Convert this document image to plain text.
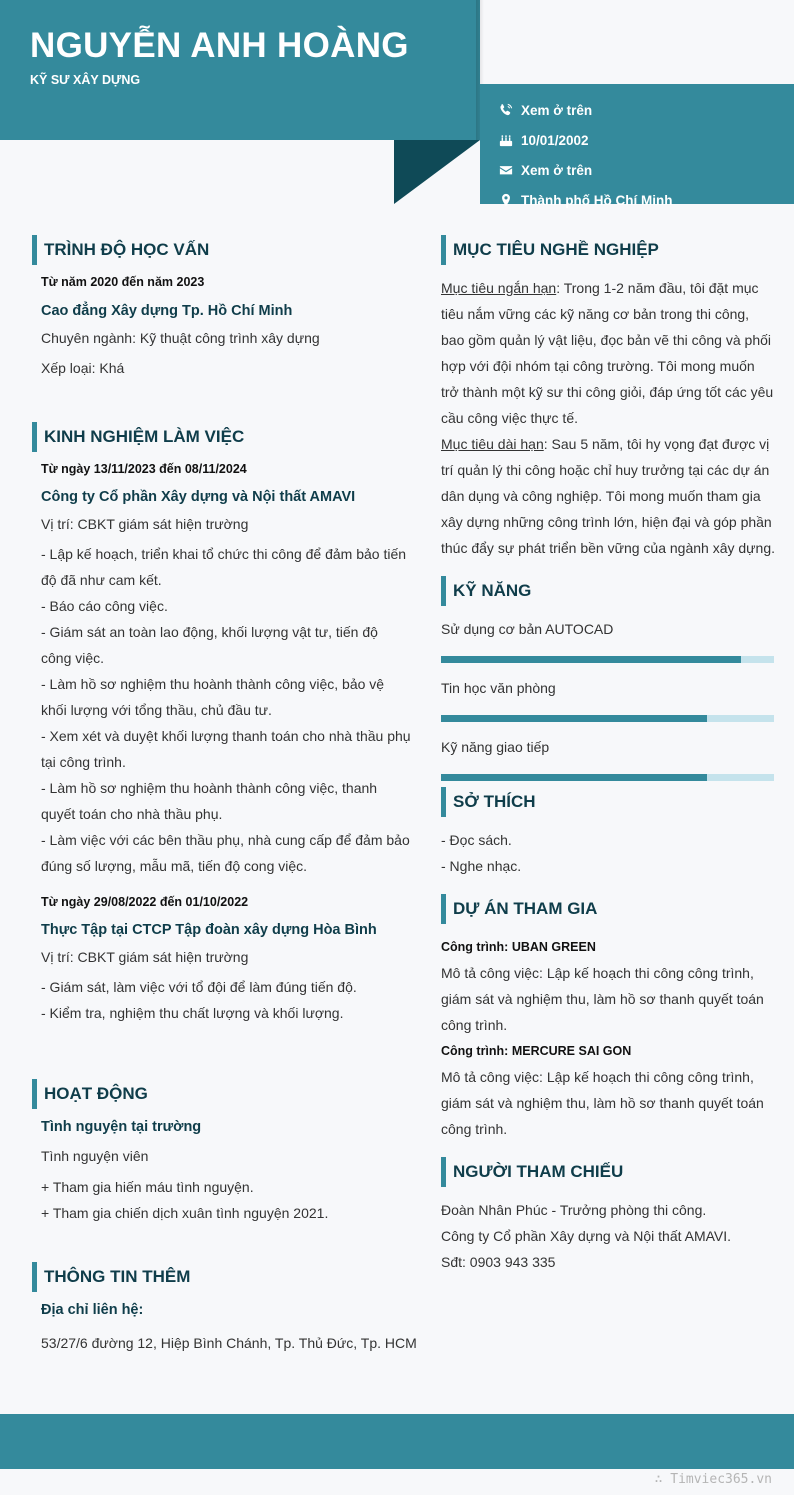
NGUYỄN ANH HOÀNG
KỸ SƯ XÂY DỰNG
Xem ở trên
10/01/2002
Xem ở trên
Thành phố Hồ Chí Minh
TRÌNH ĐỘ HỌC VẤN
Từ năm 2020 đến năm 2023
Cao đẳng Xây dựng Tp. Hồ Chí Minh
Chuyên ngành: Kỹ thuật công trình xây dựng
Xếp loại: Khá
KINH NGHIỆM LÀM VIỆC
Từ ngày 13/11/2023 đến 08/11/2024
Công ty Cổ phần Xây dựng và Nội thất AMAVI
Vị trí: CBKT giám sát hiện trường
- Lập kế hoạch, triển khai tổ chức thi công để đảm bảo tiến độ đã như cam kết.
- Báo cáo công việc.
- Giám sát an toàn lao động, khối lượng vật tư, tiến độ công việc.
- Làm hồ sơ nghiệm thu hoành thành công việc, bảo vệ khối lượng với tổng thầu, chủ đầu tư.
- Xem xét và duyệt khối lượng thanh toán cho nhà thầu phụ tại công trình.
- Làm hồ sơ nghiệm thu hoành thành công việc, thanh quyết toán cho nhà thầu phụ.
- Làm việc với các bên thầu phụ, nhà cung cấp để đảm bảo đúng số lượng, mẫu mã, tiến độ cong việc.
Từ ngày 29/08/2022 đến 01/10/2022
Thực Tập tại CTCP Tập đoàn xây dựng Hòa Bình
Vị trí: CBKT giám sát hiện trường
- Giám sát, làm việc với tổ đội để làm đúng tiến độ.
- Kiểm tra, nghiệm thu chất lượng và khối lượng.
HOẠT ĐỘNG
Tình nguyện tại trường
Tình nguyện viên
+ Tham gia hiến máu tình nguyện.
+ Tham gia chiến dịch xuân tình nguyện 2021.
THÔNG TIN THÊM
Địa chỉ liên hệ:
53/27/6 đường 12, Hiệp Bình Chánh, Tp. Thủ Đức, Tp. HCM
MỤC TIÊU NGHỀ NGHIỆP
Mục tiêu ngắn hạn: Trong 1-2 năm đầu, tôi đặt mục tiêu nắm vững các kỹ năng cơ bản trong thi công, bao gồm quản lý vật liệu, đọc bản vẽ thi công và phối hợp với đội nhóm tại công trường. Tôi mong muốn trở thành một kỹ sư thi công giỏi, đáp ứng tốt các yêu cầu công việc thực tế.
Mục tiêu dài hạn: Sau 5 năm, tôi hy vọng đạt được vị trí quản lý thi công hoặc chỉ huy trưởng tại các dự án dân dụng và công nghiệp. Tôi mong muốn tham gia xây dựng những công trình lớn, hiện đại và góp phần thúc đẩy sự phát triển bền vững của ngành xây dựng.
KỸ NĂNG
Sử dụng cơ bản AUTOCAD
Tin học văn phòng
Kỹ năng giao tiếp
SỞ THÍCH
- Đọc sách.
- Nghe nhạc.
DỰ ÁN THAM GIA
Công trình: UBAN GREEN
Mô tả công việc: Lập kế hoạch thi công công trình, giám sát và nghiệm thu, làm hồ sơ thanh quyết toán công trình.
Công trình: MERCURE SAI GON
Mô tả công việc: Lập kế hoạch thi công công trình, giám sát và nghiệm thu, làm hồ sơ thanh quyết toán công trình.
NGƯỜI THAM CHIẾU
Đoàn Nhân Phúc - Trưởng phòng thi công.
Công ty Cổ phần Xây dựng và Nội thất AMAVI.
Sđt: 0903 943 335
∴ Timviec365.vn
